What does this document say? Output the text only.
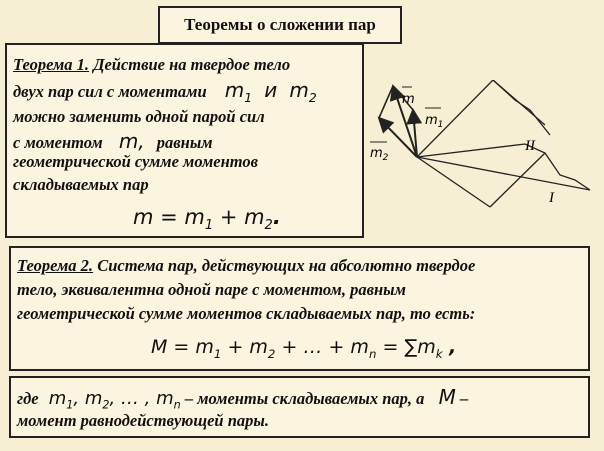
Теоремы о сложении пар
Теорема 1. Действие на твердое тело
двух пар сил с моментами $m_1$ и $m_2$
можно заменить одной парой сил
с моментом m, равным
геометрической сумме моментов
складываемых пар
$m = m_1 + m_2$.
m
$m_1$
$m_2$
II
I
Теорема 2. Система пар, действующих на абсолютно твердое
тело, эквивалентна одной паре с моментом, равным
геометрической сумме моментов складываемых пар, то есть:
$M = m_1 + m_2$ + … + $m_n = \sum m_k$ ,
где $m_1$, $m_2$, … , $m_n$ – моменты складываемых пар, а M –
момент равнодействующей пары.
